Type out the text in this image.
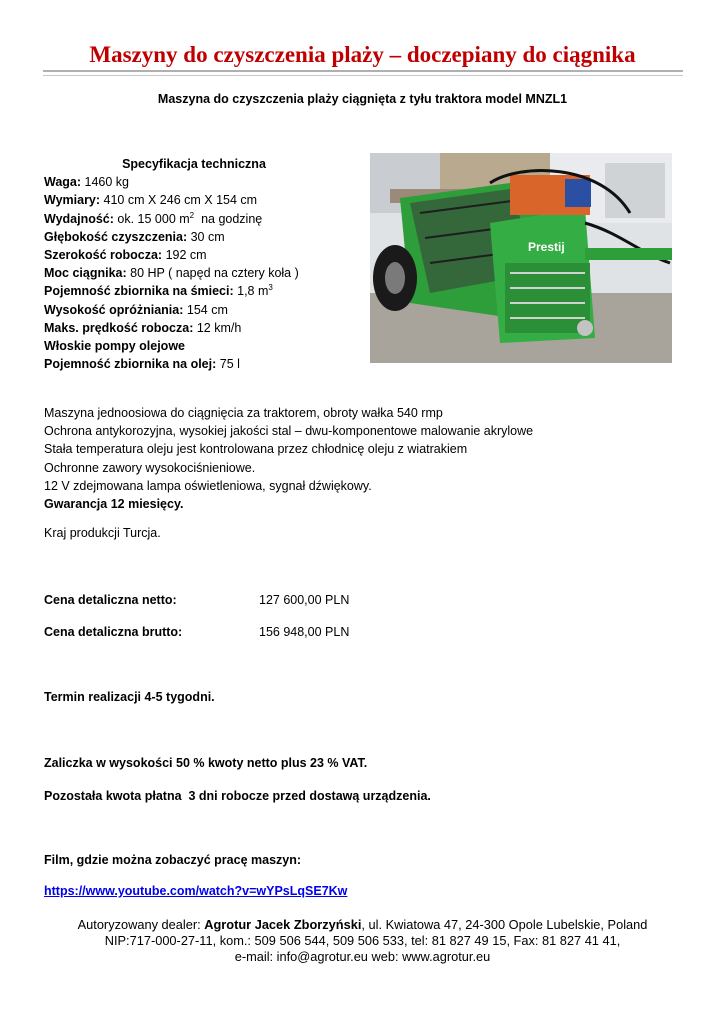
Maszyny do czyszczenia plaży – doczepiany do ciągnika
Maszyna do czyszczenia plaży ciągnięta z tyłu traktora model MNZL1
Specyfikacja techniczna
Waga: 1460 kg
Wymiary: 410 cm X 246 cm X 154 cm
Wydajność: ok. 15 000 $m^2$  na godzinę
Głębokość czyszczenia: 30 cm
Szerokość robocza: 192 cm
Moc ciągnika: 80 HP ( napęd na cztery koła )
Pojemność zbiornika na śmieci: 1,8 $m^3$
Wysokość opróżniania: 154 cm
Maks. prędkość robocza: 12 km/h
Włoskie pompy olejowe
Pojemność zbiornika na olej: 75 l
Prestij
Maszyna jednoosiowa do ciągnięcia za traktorem, obroty wałka 540 rmp
Ochrona antykorozyjna, wysokiej jakości stal – dwu-komponentowe malowanie akrylowe
Stała temperatura oleju jest kontrolowana przez chłodnicę oleju z wiatrakiem
Ochronne zawory wysokociśnieniowe.
12 V zdejmowana lampa oświetleniowa, sygnał dźwiękowy.
Gwarancja 12 miesięcy.
Kraj produkcji Turcja.
Cena detaliczna netto:	127 600,00 PLN
Cena detaliczna brutto:	156 948,00 PLN
Termin realizacji 4-5 tygodni.
Zaliczka w wysokości 50 % kwoty netto plus 23 % VAT.
Pozostała kwota płatna  3 dni robocze przed dostawą urządzenia.
Film, gdzie można zobaczyć pracę maszyn:
https://www.youtube.com/watch?v=wYPsLqSE7Kw
Autoryzowany dealer: Agrotur Jacek Zborzyński, ul. Kwiatowa 47, 24-300 Opole Lubelskie, Poland
NIP:717-000-27-11, kom.: 509 506 544, 509 506 533, tel: 81 827 49 15, Fax: 81 827 41 41,
e-mail: info@agrotur.eu web: www.agrotur.eu
